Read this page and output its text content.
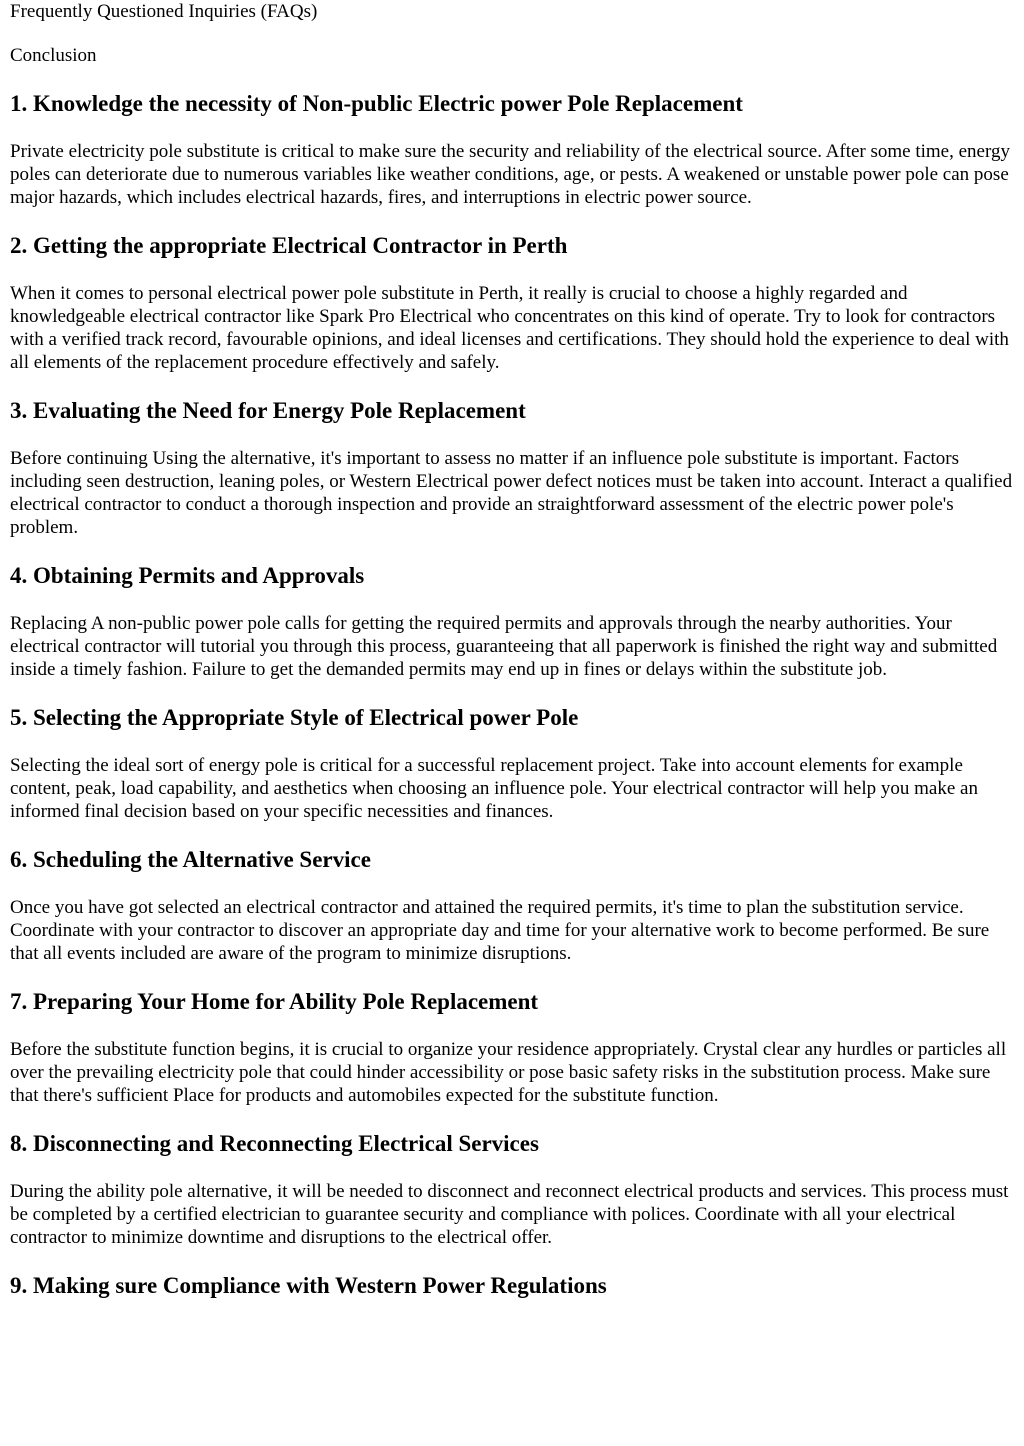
Frequently Questioned Inquiries (FAQs)
Conclusion
1. Knowledge the necessity of Non-public Electric power Pole Replacement

Private electricity pole substitute is critical to make sure the security and reliability of the electrical source. After some time, energy poles can deteriorate due to numerous variables like weather conditions, age, or pests. A weakened or unstable power pole can pose major hazards, which includes electrical hazards, fires, and interruptions in electric power source.

2. Getting the appropriate Electrical Contractor in Perth

When it comes to personal electrical power pole substitute in Perth, it really is crucial to choose a highly regarded and knowledgeable electrical contractor like Spark Pro Electrical who concentrates on this kind of operate. Try to look for contractors with a verified track record, favourable opinions, and ideal licenses and certifications. They should hold the experience to deal with all elements of the replacement procedure effectively and safely.

3. Evaluating the Need for Energy Pole Replacement

Before continuing Using the alternative, it's important to assess no matter if an influence pole substitute is important. Factors including seen destruction, leaning poles, or Western Electrical power defect notices must be taken into account. Interact a qualified electrical contractor to conduct a thorough inspection and provide an straightforward assessment of the electric power pole's problem.

4. Obtaining Permits and Approvals

Replacing A non-public power pole calls for getting the required permits and approvals through the nearby authorities. Your electrical contractor will tutorial you through this process, guaranteeing that all paperwork is finished the right way and submitted inside a timely fashion. Failure to get the demanded permits may end up in fines or delays within the substitute job.

5. Selecting the Appropriate Style of Electrical power Pole

Selecting the ideal sort of energy pole is critical for a successful replacement project. Take into account elements for example content, peak, load capability, and aesthetics when choosing an influence pole. Your electrical contractor will help you make an informed final decision based on your specific necessities and finances.

6. Scheduling the Alternative Service

Once you have got selected an electrical contractor and attained the required permits, it's time to plan the substitution service. Coordinate with your contractor to discover an appropriate day and time for your alternative work to become performed. Be sure that all events included are aware of the program to minimize disruptions.

7. Preparing Your Home for Ability Pole Replacement

Before the substitute function begins, it is crucial to organize your residence appropriately. Crystal clear any hurdles or particles all over the prevailing electricity pole that could hinder accessibility or pose basic safety risks in the substitution process. Make sure that there's sufficient Place for products and automobiles expected for the substitute function.

8. Disconnecting and Reconnecting Electrical Services

During the ability pole alternative, it will be needed to disconnect and reconnect electrical products and services. This process must be completed by a certified electrician to guarantee security and compliance with polices. Coordinate with all your electrical contractor to minimize downtime and disruptions to the electrical offer.

9. Making sure Compliance with Western Power Regulations
